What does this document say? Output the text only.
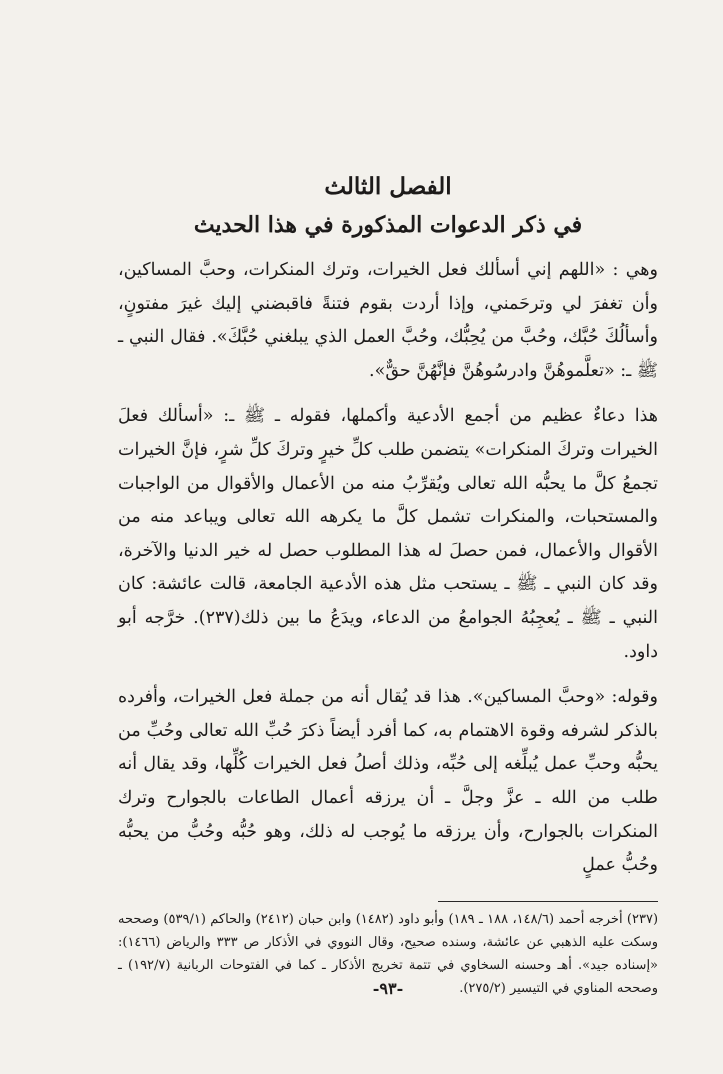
الفصل الثالث
في ذكر الدعوات المذكورة في هذا الحديث

وهي : «اللهم إني أسألك فعل الخيرات، وترك المنكرات، وحبَّ المساكين، وأن تغفرَ لي وترحَمني، وإذا أردت بقوم فتنةً فاقبضني إليك غيرَ مفتونٍ، وأسألُكَ حُبَّك، وحُبَّ من يُحِبُّك، وحُبَّ العمل الذي يبلغني حُبَّكَ». فقال النبي ـ ﷺ ـ: «تعلَّموهُنَّ وادرسُوهُنَّ فإنَّهُنَّ حقٌّ».

هذا دعاءٌ عظيم من أجمع الأدعية وأكملها، فقوله ـ ﷺ ـ: «أسألك فعلَ الخيرات وتركَ المنكرات» يتضمن طلب كلِّ خيرٍ وتركَ كلِّ شرٍ، فإنَّ الخيرات تجمعُ كلَّ ما يحبُّه الله تعالى ويُقرِّبُ منه من الأعمال والأقوال من الواجبات والمستحبات، والمنكرات تشمل كلَّ ما يكرهه الله تعالى ويباعد منه من الأقوال والأعمال، فمن حصلَ له هذا المطلوب حصل له خير الدنيا والآخرة، وقد كان النبي ـ ﷺ ـ يستحب مثل هذه الأدعية الجامعة، قالت عائشة: كان النبي ـ ﷺ ـ يُعجِبُهُ الجوامعُ من الدعاء، ويدَعُ ما بين ذلك(٢٣٧). خرَّجه أبو داود.

وقوله: «وحبَّ المساكين». هذا قد يُقال أنه من جملة فعل الخيرات، وأفرده بالذكر لشرفه وقوة الاهتمام به، كما أفرد أيضاً ذكرَ حُبِّ الله تعالى وحُبِّ من يحبُّه وحبِّ عمل يُبلِّغه إلى حُبِّه، وذلك أصلُ فعل الخيرات كُلِّها، وقد يقال أنه طلب من الله ـ عزَّ وجلَّ ـ أن يرزقه أعمال الطاعات بالجوارح وترك المنكرات بالجوارح، وأن يرزقه ما يُوجب له ذلك، وهو حُبُّه وحُبُّ من يحبُّه وحُبُّ عملٍ

(٢٣٧) أخرجه أحمد (١٤٨/٦، ١٨٨ ـ ١٨٩) وأبو داود (١٤٨٢) وابن حبان (٢٤١٢) والحاكم (٥٣٩/١) وصححه وسكت عليه الذهبي عن عائشة، وسنده صحيح، وقال النووي في الأذكار ص ٣٣٣ والرياض (١٤٦٦): «إسناده جيد». أهـ وحسنه السخاوي في تتمة تخريج الأذكار ـ كما في الفتوحات الربانية (١٩٢/٧) ـ وصححه المناوي في التيسير (٢٧٥/٢).

-٩٣-
